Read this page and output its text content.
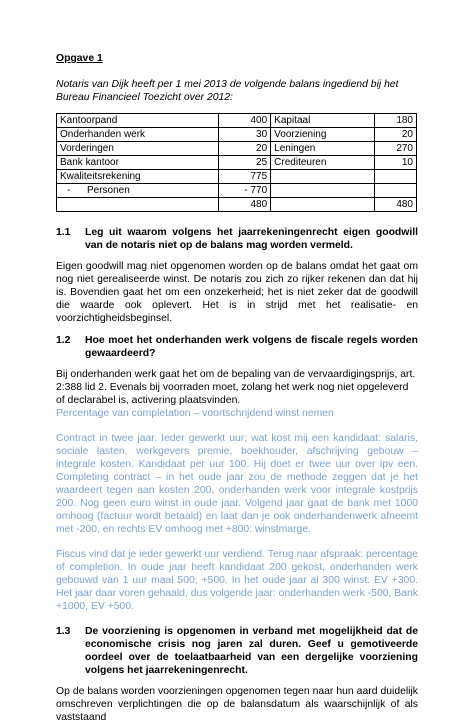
Opgave 1

Notaris van Dijk heeft per 1 mei 2013 de volgende balans ingediend bij het Bureau Financieel Toezicht over 2012:

Kantoorpand	400	Kapitaal	180
Onderhanden werk	30	Voorziening	20
Vorderingen	20	Leningen	270
Bank kantoor	25	Crediteuren	10
Kwaliteitsrekening	775		
-      Personen	- 770		
	480		480
1.1	Leg uit waarom volgens het jaarrekeningenrecht eigen goodwill van de notaris niet op de balans mag worden vermeld.

Eigen goodwill mag niet opgenomen worden op de balans omdat het gaat om nog niet gerealiseerde winst. De notaris zou zich zo rijker rekenen dan dat hij is. Bovendien gaat het om een onzekerheid; het is niet zeker dat de goodwill die waarde ook oplevert. Het is in strijd met het realisatie- en voorzichtigheidsbeginsel.

1.2	Hoe moet het onderhanden werk volgens de fiscale regels worden gewaardeerd?

Bij onderhanden werk gaat het om de bepaling van de vervaardigingsprijs, art. 2:388 lid 2. Evenals bij voorraden moet, zolang het werk nog niet opgeleverd of declarabel is, activering plaatsvinden.

Percentage van completation – voortschrijdend winst nemen

Contract in twee jaar. Ieder gewerkt uur; wat kost mij een kandidaat: salaris, sociale lasten, werkgevers premie, boekhouder, afschrijving gebouw – integrale kosten. Kandidaat per uur 100. Hij doet er twee uur over ipv een. Completing contract – in het oude jaar zou de methode zeggen dat je het waardeert tegen aan kosten 200, onderhanden werk voor integrale kostprijs 200. Nog geen euro winst in oude jaar. Volgend jaar gaat de bank met 1000 omhoog (factuur wordt betaald) en laat dan je ook onderhandenwerk afneemt met -200, en rechts EV omhoog met +800: winstmarge.

Fiscus vind dat je ieder gewerkt uur verdiend. Terug naar afspraak: percentage of completion. In oude jaar heeft kandidaat 200 gekost, onderhanden werk gebouwd van 1 uur maal 500; +500. In het oude jaar al 300 winst: EV +300. Het jaar daar voren gehaald, dus volgende jaar: onderhanden werk -500, Bank +1000, EV +500.

1.3	De voorziening is opgenomen in verband met mogelijkheid dat de economische crisis nog jaren zal duren. Geef u gemotiveerde oordeel over de toelaatbaarheid van een dergelijke voorziening volgens het jaarrekeningenrecht.

Op de balans worden voorzieningen opgenomen tegen naar hun aard duidelijk omschreven verplichtingen die op de balansdatum als waarschijnlijk of als vaststaand
